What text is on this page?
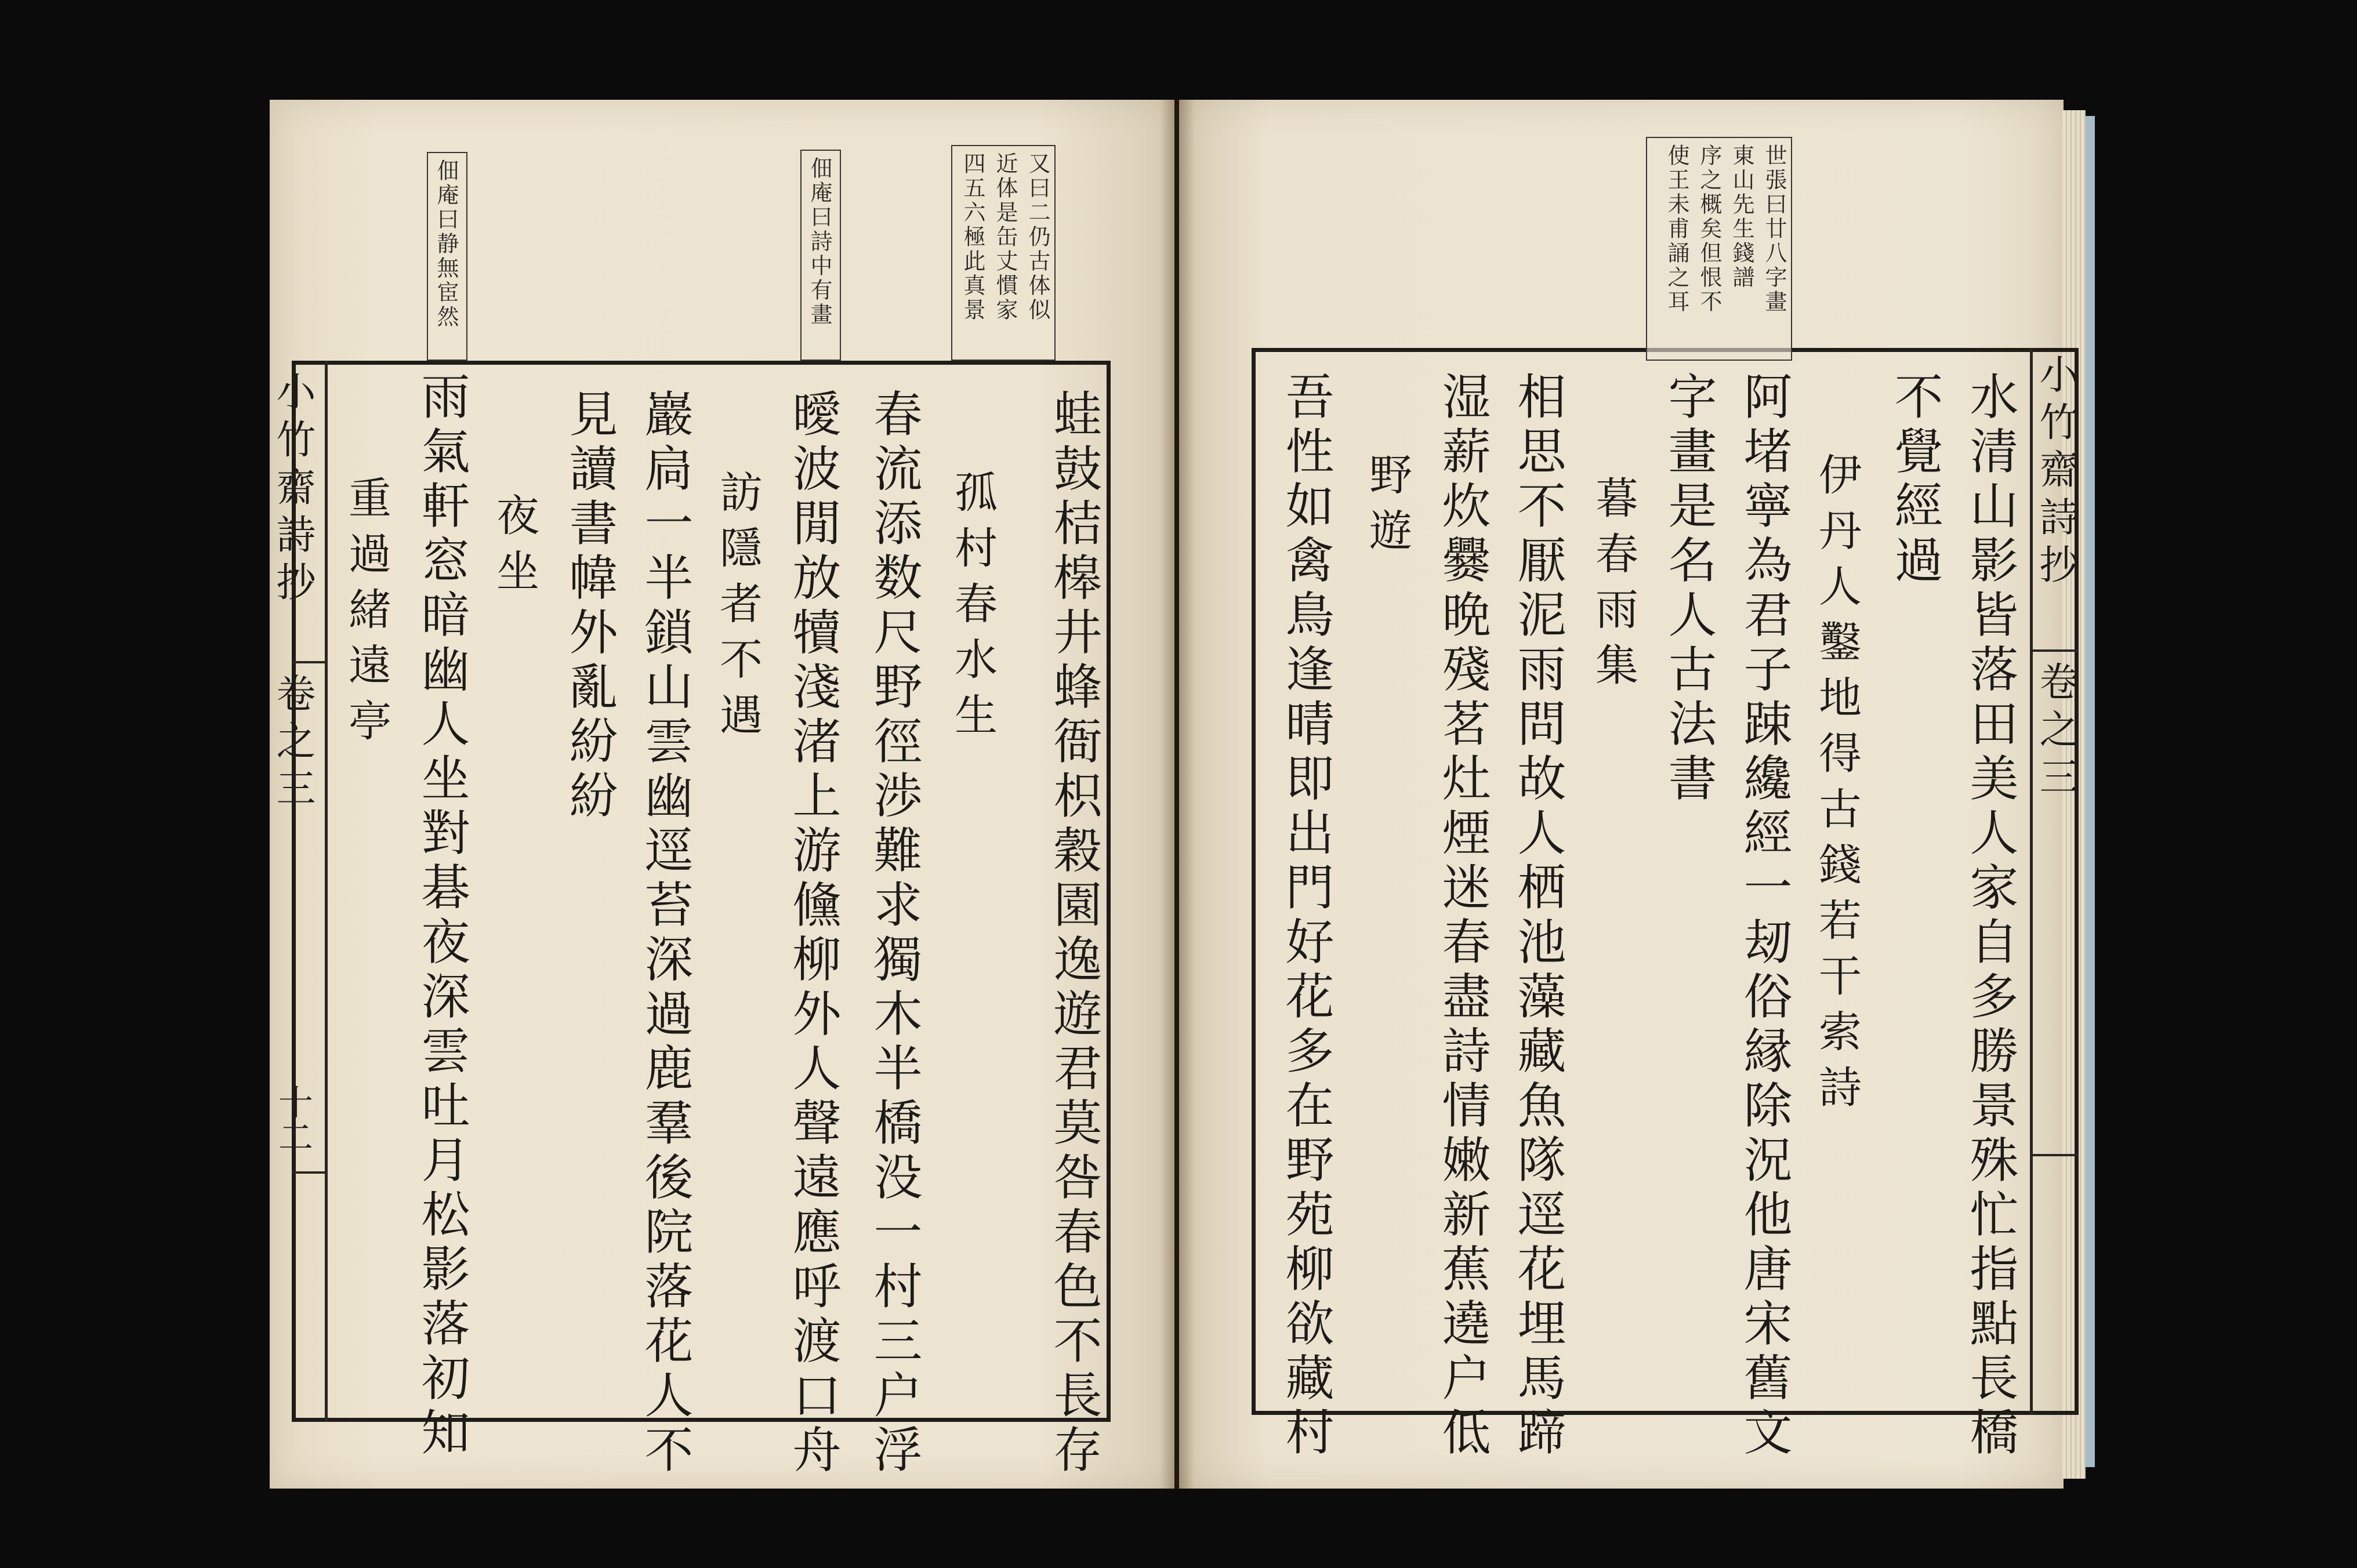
小竹齋詩抄
卷之三
十二	蛙鼓桔槔井蜂衙枳穀園逸遊君莫咎春色不長存
孤村春水生
春流添数尺野徑渉難求獨木半橋没一村三户浮
曖波閒放犢淺渚上游儵柳外人聲遠應呼渡口舟
訪隱者不遇
巖扃一半鎖山雲幽逕苔深過鹿羣後院落花人不
見讀書幃外亂紛紛
夜坐
雨氣軒窓暗幽人坐對碁夜深雲吐月松影落初知
重過緒遠亭
又曰二仍古体似
近体是缶丈慣家
四五六極此真景
佃庵曰詩中有畫
佃庵曰静無宦然
小竹齋詩抄
卷之三
水清山影皆落田美人家自多勝景殊忙指點長橋
不覺經過
伊丹人鑿地得古錢若干索詩
阿堵寧為君子踈纔經一刼俗縁除況他唐宋舊文
字畫是名人古法書
暮春雨集
相思不厭泥雨問故人栖池藻藏魚隊逕花埋馬蹄
湿薪炊爨晩殘茗灶煙迷春盡詩情嫩新蕉遶户低
野遊
吾性如禽鳥逢晴即出門好花多在野苑柳欲藏村
世張曰廿八字畫
東山先生錢譜
序之概矣但恨不
使王未甫誦之耳
